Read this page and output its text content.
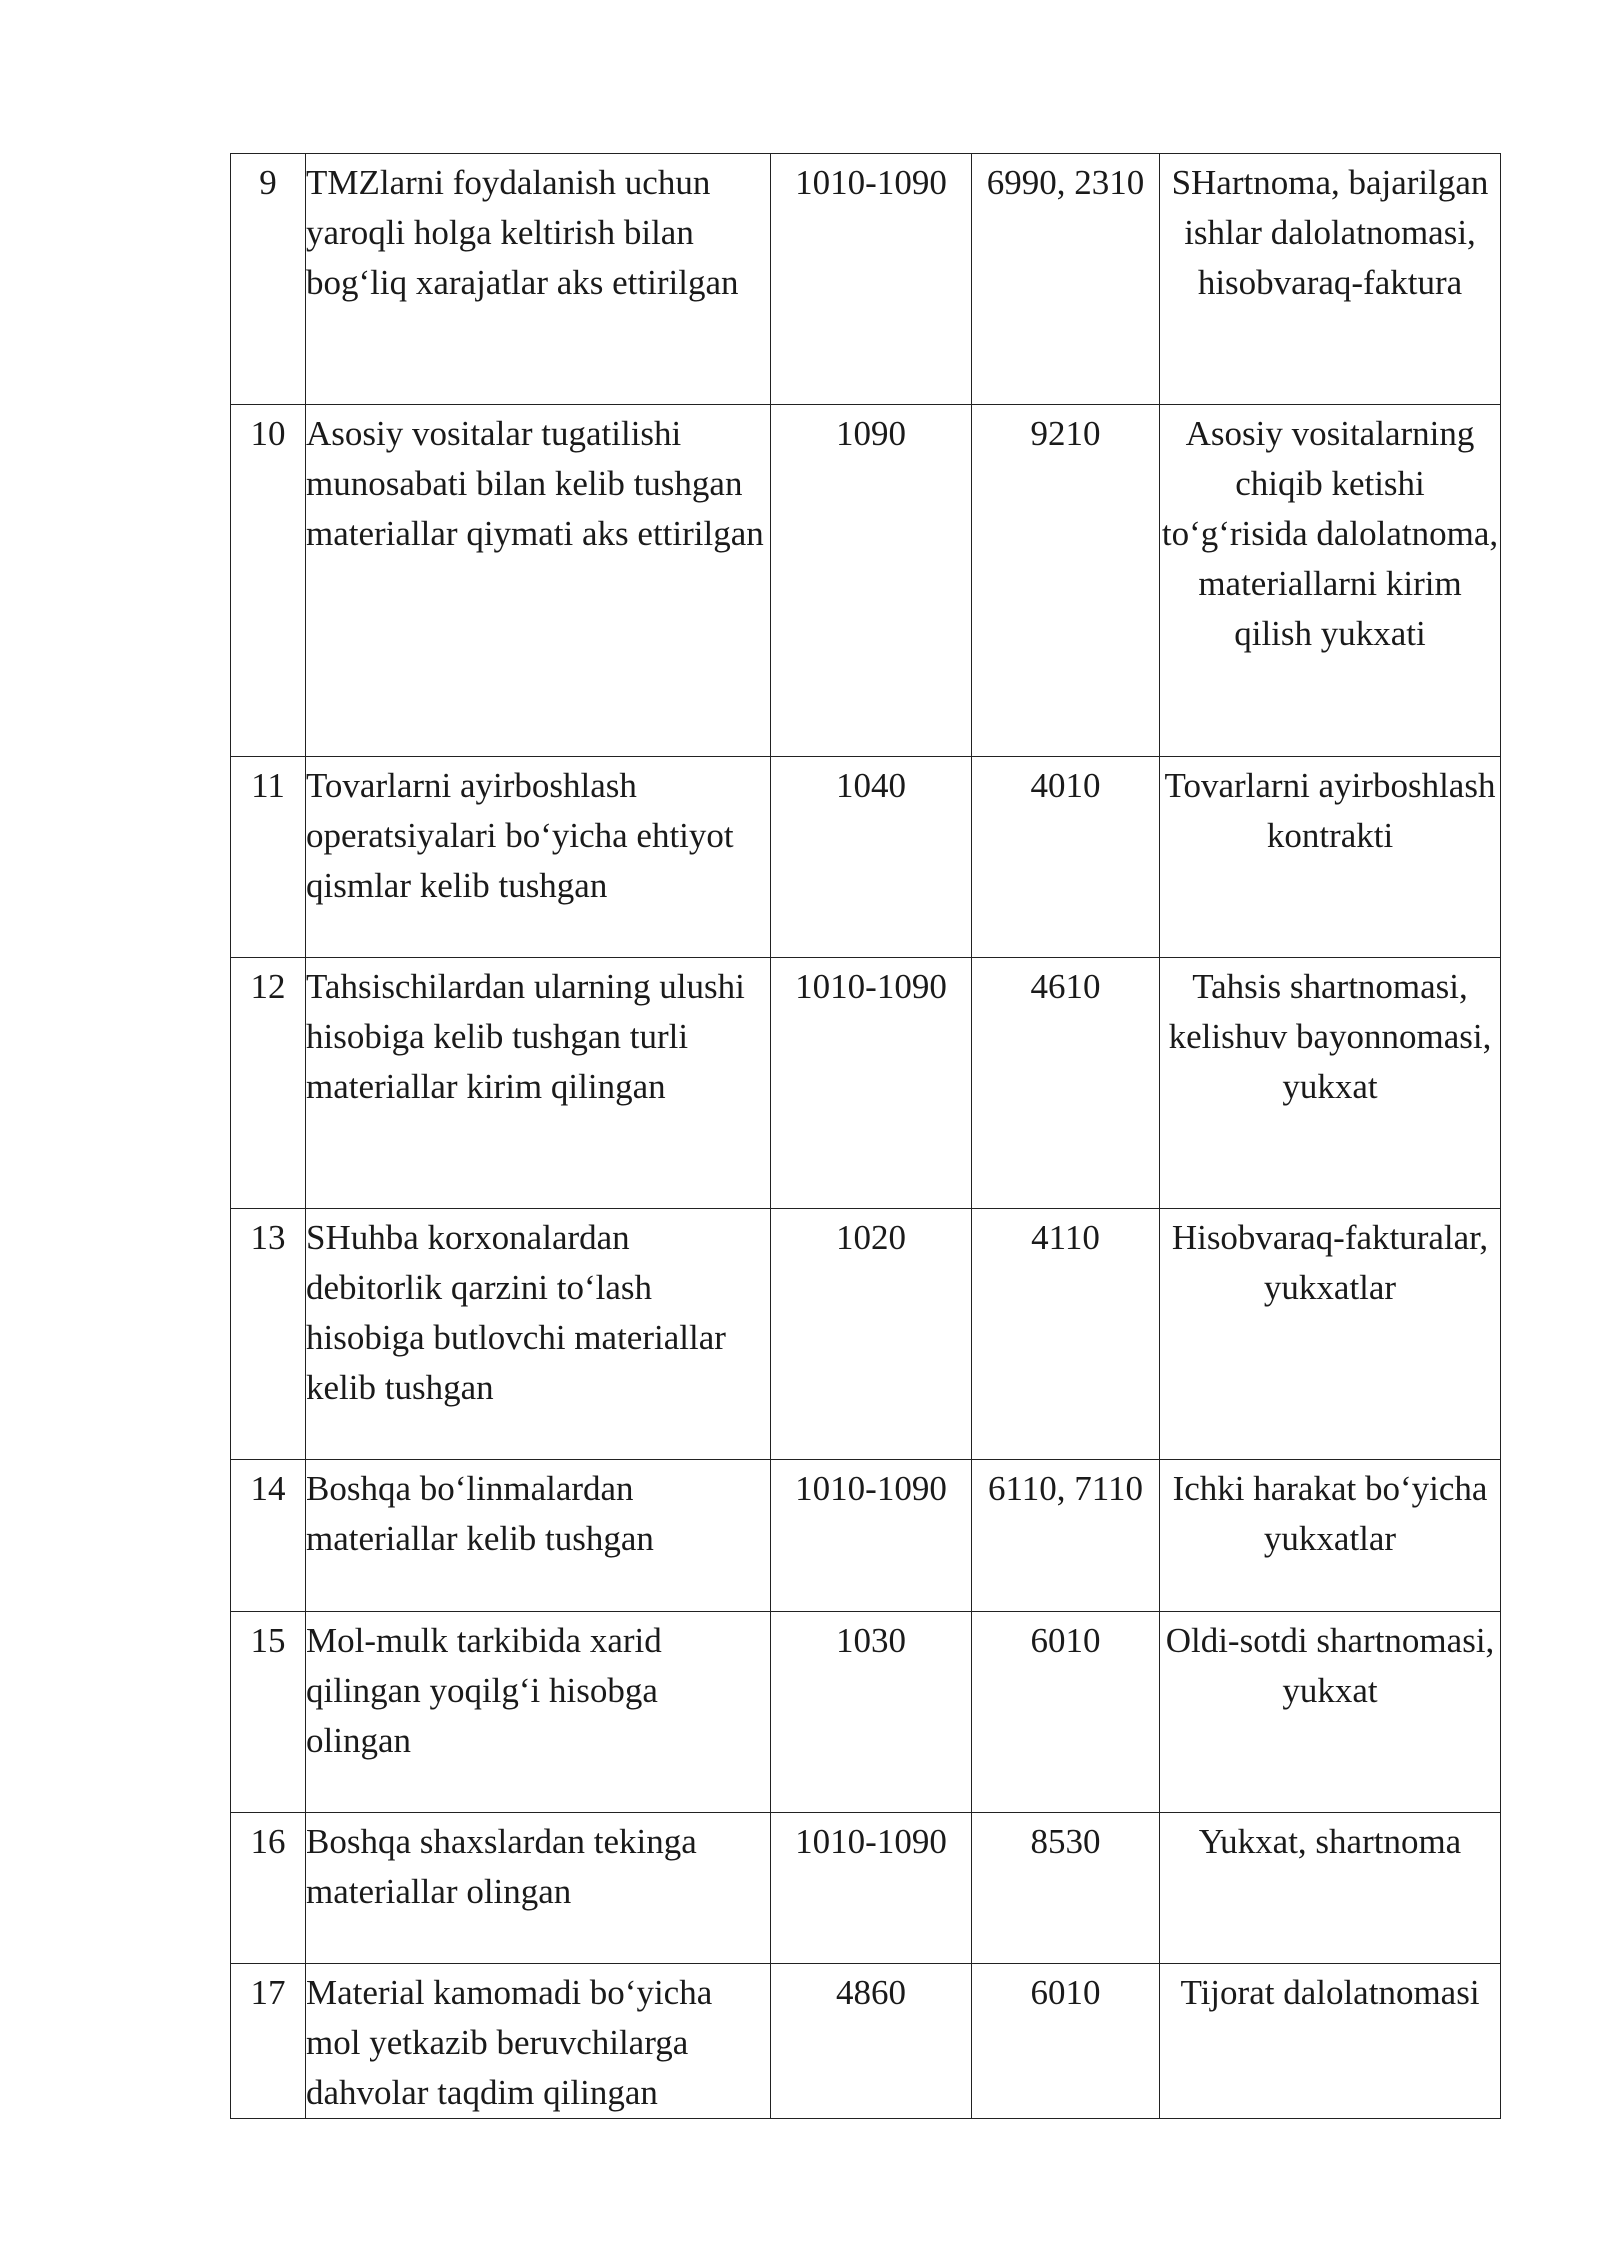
9	TMZlarni foydalanish uchun yaroqli holga keltirish bilan bogʻliq xarajatlar aks ettirilgan	1010-1090	6990, 2310	SHartnoma, bajarilgan ishlar dalolatnomasi, hisobvaraq-faktura

10	Asosiy vositalar tugatilishi munosabati bilan kelib tushgan materiallar qiymati aks ettirilgan	1090	9210	Asosiy vositalarning chiqib ketishi toʻgʻrisida dalolatnoma, materiallarni kirim qilish yukxati

11	Tovarlarni ayirboshlash operatsiyalari boʻyicha ehtiyot qismlar kelib tushgan	1040	4010	Tovarlarni ayirboshlash kontrakti

12	Tahsischilardan ularning ulushi hisobiga kelib tushgan turli materiallar kirim qilingan	1010-1090	4610	Tahsis shartnomasi, kelishuv bayonnomasi, yukxat

13	SHuhba korxonalardan debitorlik qarzini toʻlash hisobiga butlovchi materiallar kelib tushgan	1020	4110	Hisobvaraq-fakturalar, yukxatlar

14	Boshqa boʻlinmalardan materiallar kelib tushgan	1010-1090	6110, 7110	Ichki harakat boʻyicha yukxatlar

15	Mol-mulk tarkibida xarid qilingan yoqilgʻi hisobga olingan	1030	6010	Oldi-sotdi shartnomasi, yukxat

16	Boshqa shaxslardan tekinga materiallar olingan	1010-1090	8530	Yukxat, shartnoma

17	Material kamomadi boʻyicha mol yetkazib beruvchilarga dahvolar taqdim qilingan	4860	6010	Tijorat dalolatnomasi
